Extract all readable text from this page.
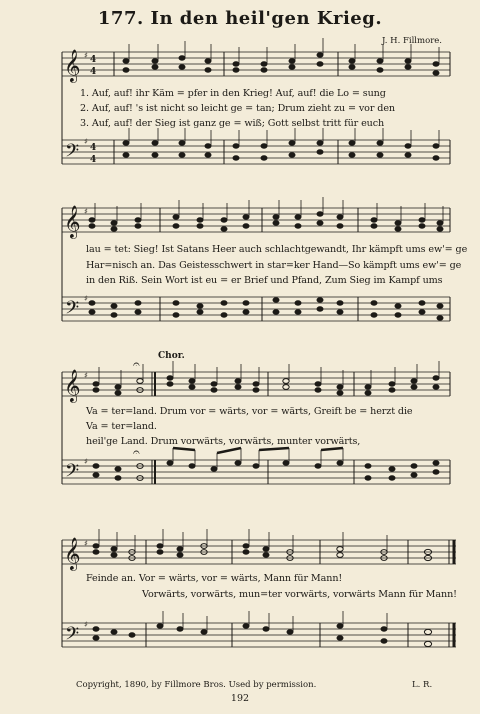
177. In den heil'gen Krieg.
J. H. Fillmore.
𝄞
𝄢
♯
♯
4
4
4
4
𝄞
𝄢
♯
♯
𝄞
𝄢
♯
♯
𝄐
𝄐
𝄞
𝄢
♯
♯
1. Auf, auf! ihr Käm = pfer in den Krieg! Auf, auf! die Lo = sung
2. Auf, auf! 's ist nicht so leicht ge = tan; Drum zieht zu = vor den
3. Auf, auf! der Sieg ist ganz ge = wiß; Gott selbst tritt für euch
lau = tet: Sieg! Ist Satans Heer auch schlachtgewandt, Ihr kämpft ums ew'= ge
Har=nisch an. Das Geistesschwert in star=ker Hand—So kämpft ums ew'= ge
in den Riß. Sein Wort ist eu = er Brief und Pfand, Zum Sieg im Kampf ums
Chor.
Va = ter=land. Drum vor = wärts, vor = wärts, Greift be = herzt die
Va = ter=land.
heil'ge Land. Drum vorwärts, vorwärts, munter vorwärts,
Feinde an. Vor = wärts, vor = wärts, Mann für Mann!
Vorwärts, vorwärts, mun=ter vorwärts, vorwärts Mann für Mann!
Copyright, 1890, by Fillmore Bros. Used by permission.	L. R.
192
